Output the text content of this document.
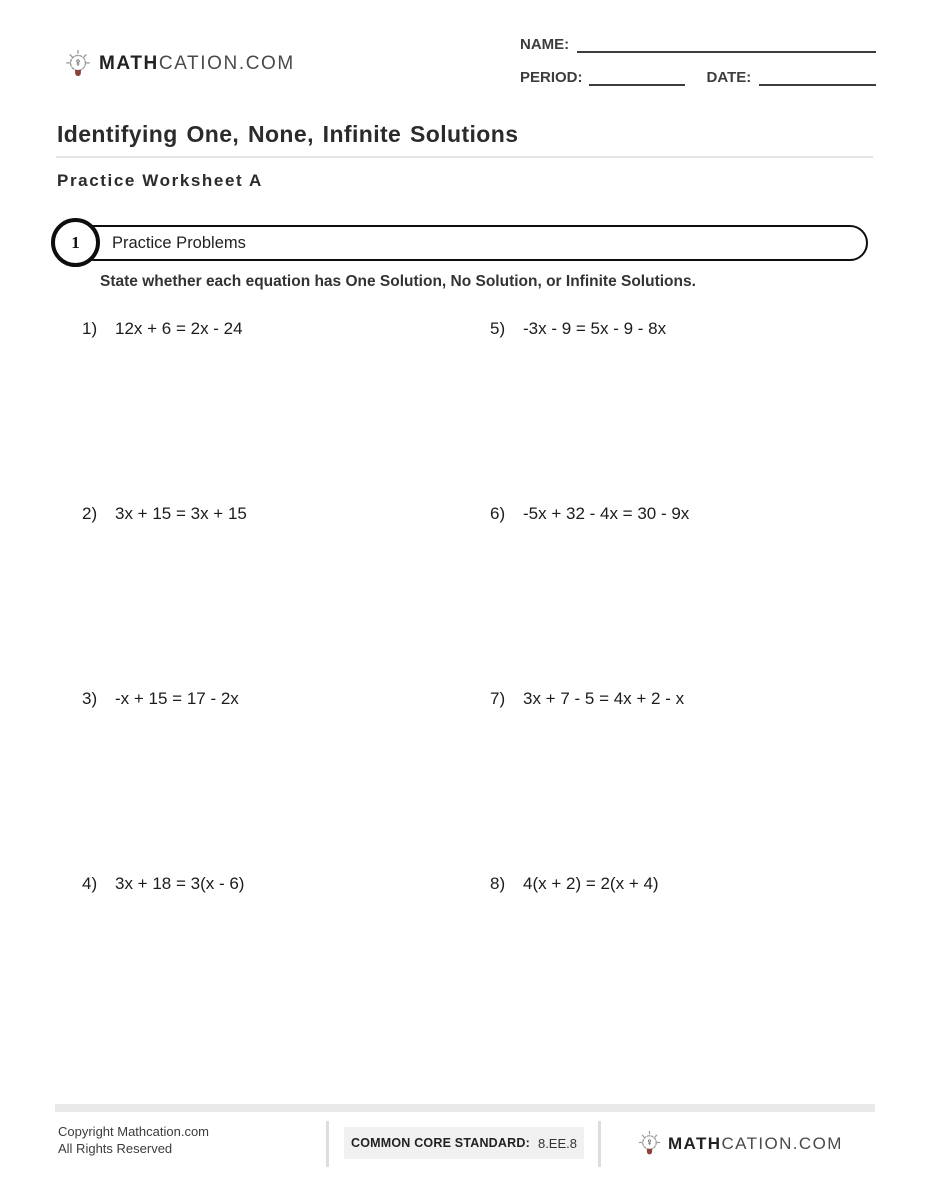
MATHCATION.COM
NAME:
PERIOD:	DATE:
Identifying One, None, Infinite Solutions
Practice Worksheet A
Practice Problems
1
State whether each equation has One Solution, No Solution, or Infinite Solutions.
1) 12x + 6 = 2x - 24	5) -3x - 9 = 5x - 9 - 8x
2) 3x + 15 = 3x + 15	6) -5x + 32 - 4x = 30 - 9x
3) -x + 15 = 17 - 2x	7) 3x + 7 - 5 = 4x + 2 - x
4) 3x + 18 = 3(x - 6)	8) 4(x + 2) = 2(x + 4)
Copyright Mathcation.com
All Rights Reserved	COMMON CORE STANDARD: 8.EE.8	MATHCATION.COM
